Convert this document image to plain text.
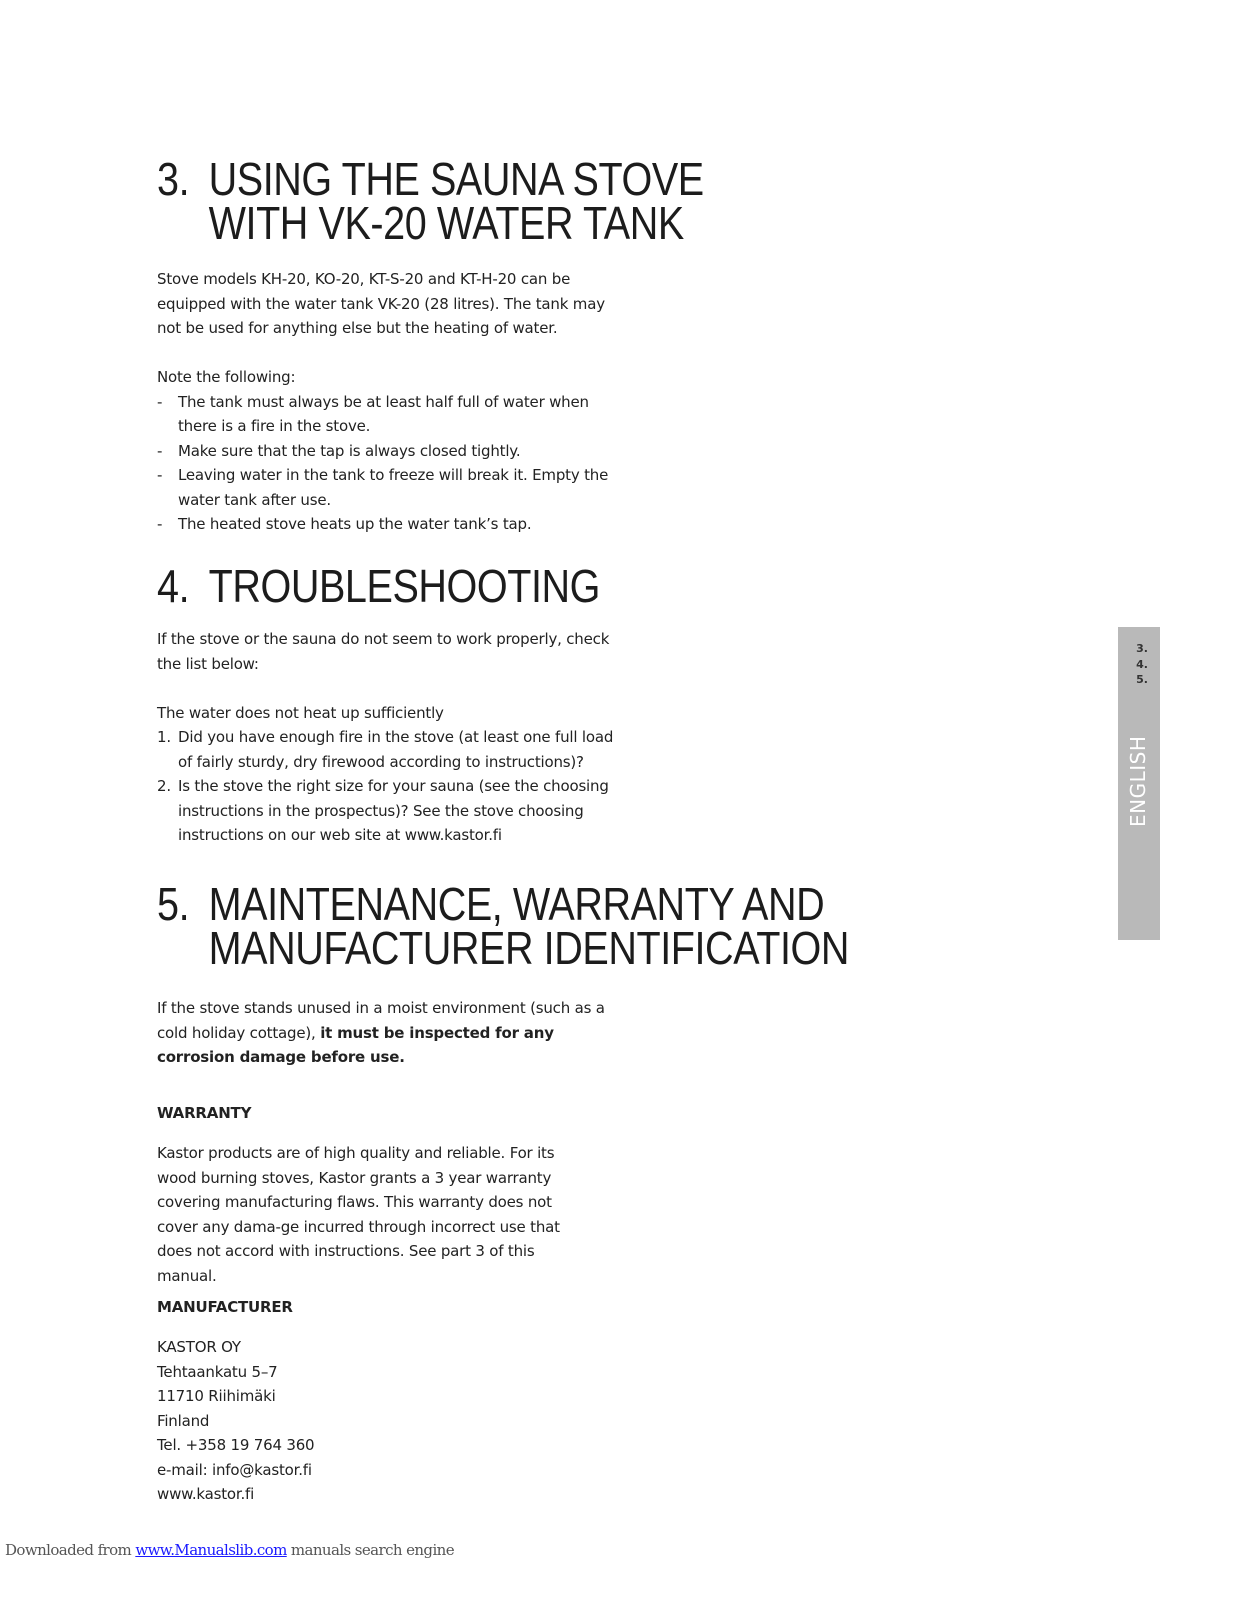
3. USING THE SAUNA STOVE
WITH VK-20 WATER TANK

Stove models KH-20, KO-20, KT-S-20 and KT-H-20 can be equipped with the water tank VK-20 (28 litres). The tank may not be used for anything else but the heating of water.

Note the following:

- The tank must always be at least half full of water when there is a fire in the stove.
- Make sure that the tap is always closed tightly.
- Leaving water in the tank to freeze will break it. Empty the water tank after use.
- The heated stove heats up the water tank’s tap.
4. TROUBLESHOOTING

If the stove or the sauna do not seem to work properly, check the list below:

The water does not heat up sufficiently

1. Did you have enough fire in the stove (at least one full load of fairly sturdy, dry firewood according to instructions)?
2. Is the stove the right size for your sauna (see the choosing instructions in the prospectus)? See the stove choosing instructions on our web site at www.kastor.fi
5. MAINTENANCE, WARRANTY AND
MANUFACTURER IDENTIFICATION

If the stove stands unused in a moist environment (such as a cold holiday cottage), it must be inspected for any corrosion damage before use.

WARRANTY
Kastor products are of high quality and reliable. For its wood burning stoves, Kastor grants a 3 year warranty covering manufacturing flaws. This warranty does not cover any dama-ge incurred through incorrect use that does not accord with instructions. See part 3 of this manual.
MANUFACTURER

KASTOR OY

Tehtaankatu 5–7

11710 Riihimäki

Finland

Tel. +358 19 764 360

e-mail: info@kastor.fi

www.kastor.fi

3.
4.
5.
ENGLISH
Downloaded from www.Manualslib.com manuals search engine
